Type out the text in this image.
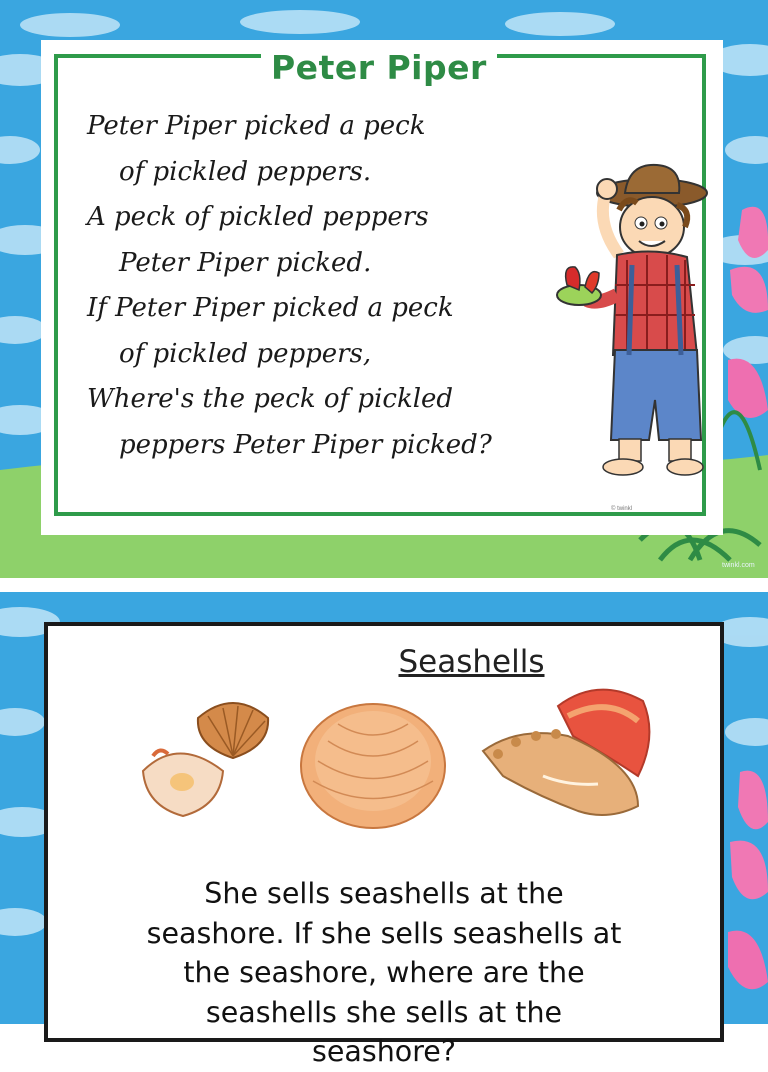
Peter Piper
Peter Piper picked a peck
of pickled peppers.
A peck of pickled peppers
Peter Piper picked.
If Peter Piper picked a peck
of pickled peppers,
Where's the peck of pickled
peppers Peter Piper picked?
© twinkl
twinkl.com
Seashells
She sells seashells at the
seashore. If she sells seashells at
the seashore, where are the
seashells she sells at the
seashore?
